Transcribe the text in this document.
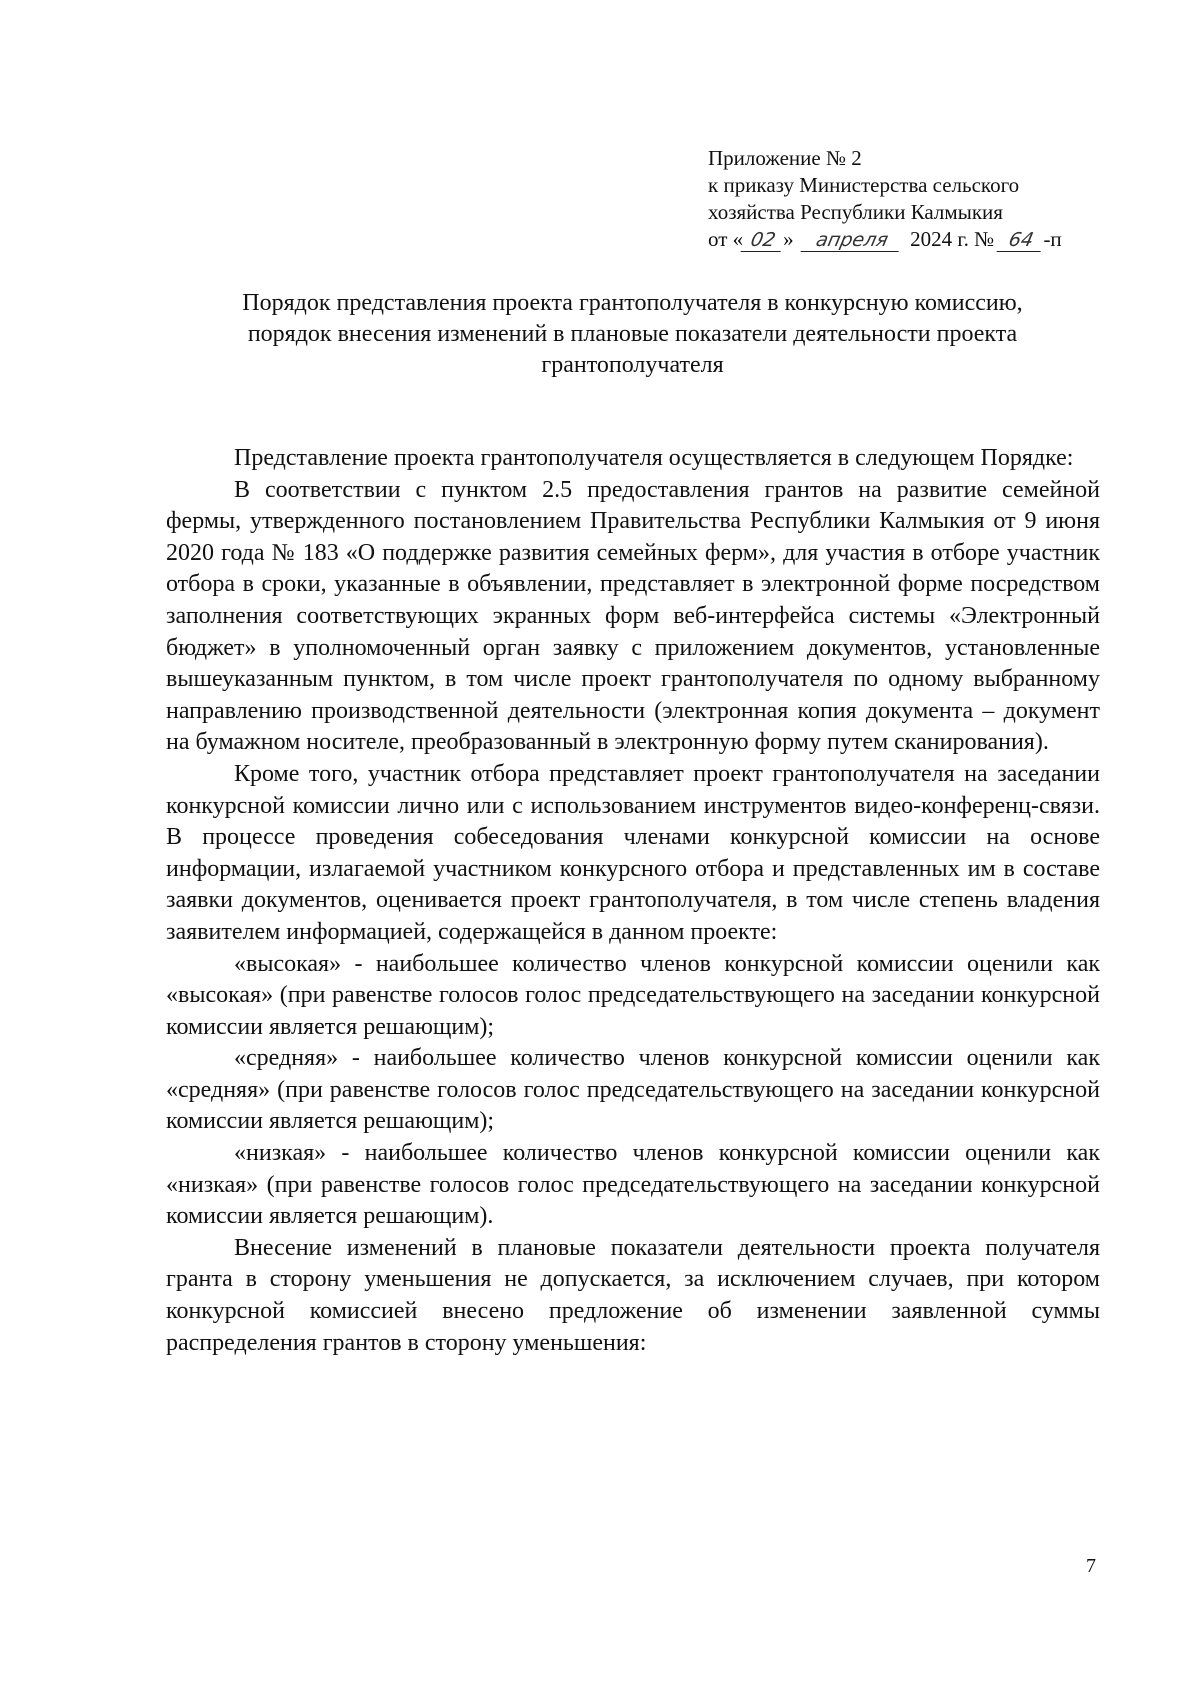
Приложение № 2
к приказу Министерства сельского
хозяйства Республики Калмыкия
от « 02 » апреля 2024 г. № 64 -п
Порядок представления проекта грантополучателя в конкурсную комиссию,
порядок внесения изменений в плановые показатели деятельности проекта
грантополучателя

Представление проекта грантополучателя осуществляется в следующем Порядке:

В соответствии с пунктом 2.5 предоставления грантов на развитие семейной фермы, утвержденного постановлением Правительства Республики Калмыкия от 9 июня 2020 года № 183 «О поддержке развития семейных ферм», для участия в отборе участник отбора в сроки, указанные в объявлении, представляет в электронной форме посредством заполнения соответствующих экранных форм веб-интерфейса системы «Электронный бюджет» в уполномоченный орган заявку с приложением документов, установленные вышеуказанным пунктом, в том числе проект грантополучателя по одному выбранному направлению производственной деятельности (электронная копия документа – документ на бумажном носителе, преобразованный в электронную форму путем сканирования).

Кроме того, участник отбора представляет проект грантополучателя на заседании конкурсной комиссии лично или с использованием инструментов видео-конференц-связи. В процессе проведения собеседования членами конкурсной комиссии на основе информации, излагаемой участником конкурсного отбора и представленных им в составе заявки документов, оценивается проект грантополучателя, в том числе степень владения заявителем информацией, содержащейся в данном проекте:

«высокая» - наибольшее количество членов конкурсной комиссии оценили как «высокая» (при равенстве голосов голос председательствующего на заседании конкурсной комиссии является решающим);

«средняя» - наибольшее количество членов конкурсной комиссии оценили как «средняя» (при равенстве голосов голос председательствующего на заседании конкурсной комиссии является решающим);

«низкая» - наибольшее количество членов конкурсной комиссии оценили как «низкая» (при равенстве голосов голос председательствующего на заседании конкурсной комиссии является решающим).

Внесение изменений в плановые показатели деятельности проекта получателя гранта в сторону уменьшения не допускается, за исключением случаев, при котором конкурсной комиссией внесено предложение об изменении заявленной суммы распределения грантов в сторону уменьшения:

7
